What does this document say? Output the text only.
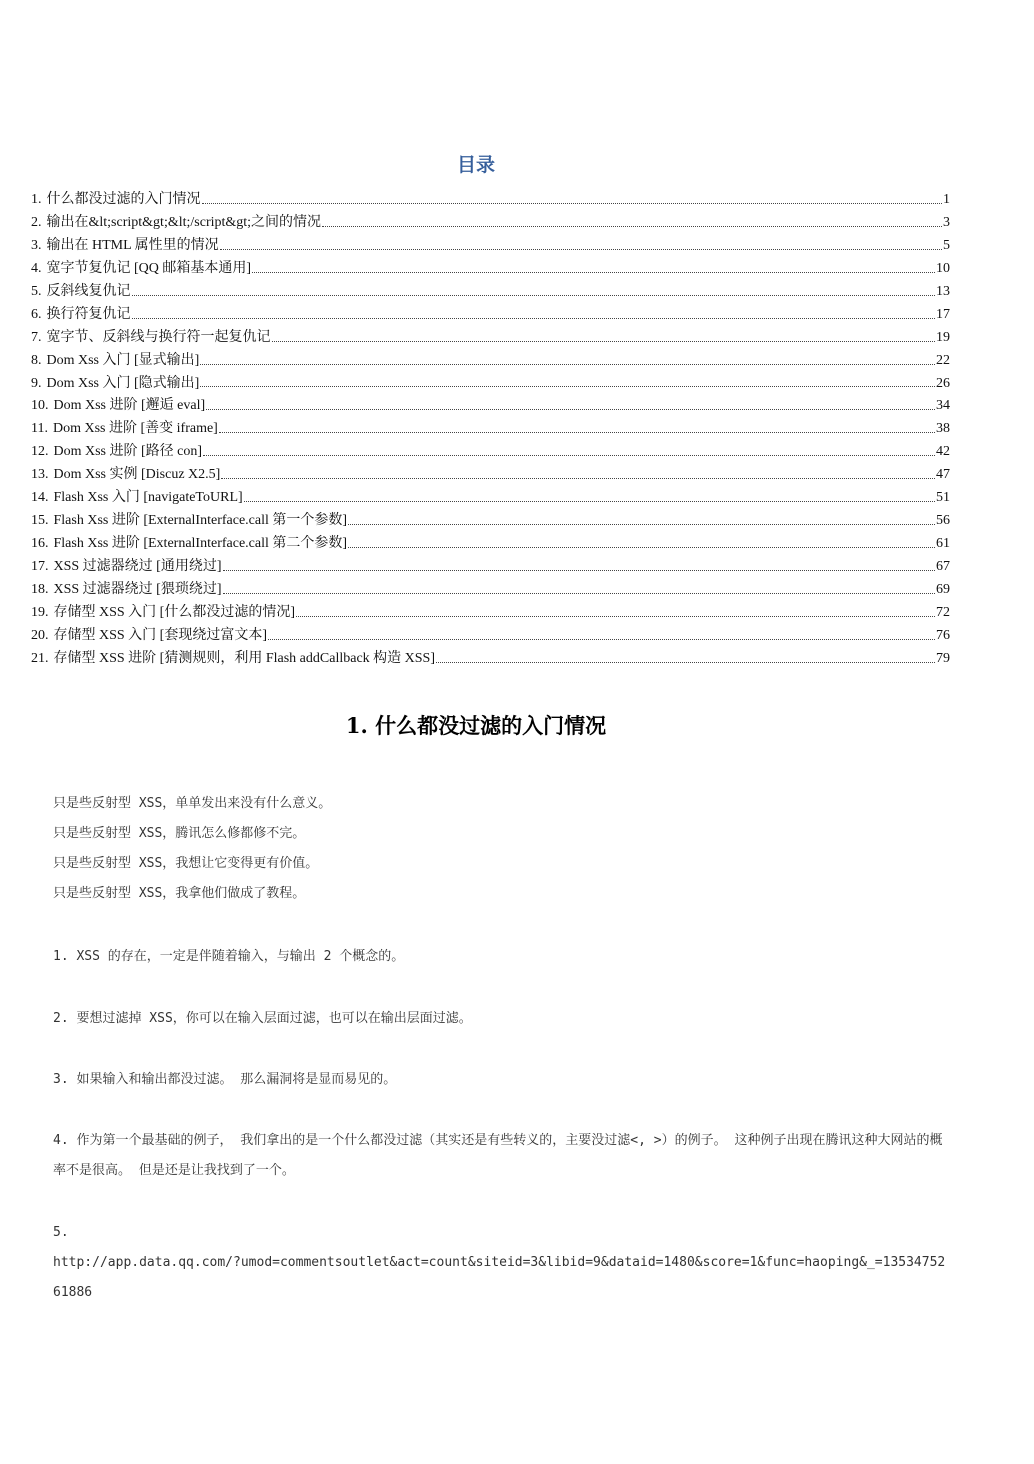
目录
1. 什么都没过滤的入门情况	1
2. 输出在&lt;script&gt;&lt;/script&gt;之间的情况	3
3. 输出在 HTML 属性里的情况	5
4. 宽字节复仇记 [QQ 邮箱基本通用]	10
5. 反斜线复仇记	13
6. 换行符复仇记	17
7. 宽字节、反斜线与换行符一起复仇记	19
8. Dom Xss 入门 [显式输出]	22
9. Dom Xss 入门 [隐式输出]	26
10. Dom Xss 进阶 [邂逅 eval]	34
11. Dom Xss 进阶 [善变 iframe]	38
12. Dom Xss 进阶 [路径 con]	42
13. Dom Xss 实例 [Discuz X2.5]	47
14. Flash Xss 入门 [navigateToURL]	51
15. Flash Xss 进阶 [ExternalInterface.call 第一个参数]	56
16. Flash Xss 进阶 [ExternalInterface.call 第二个参数]	61
17. XSS 过滤器绕过 [通用绕过]	67
18. XSS 过滤器绕过 [猥琐绕过]	69
19. 存储型 XSS 入门 [什么都没过滤的情况]	72
20. 存储型 XSS 入门 [套现绕过富文本]	76
21. 存储型 XSS 进阶 [猜测规则，利用 Flash addCallback 构造 XSS]	79
1. 什么都没过滤的入门情况

只是些反射型 XSS，单单发出来没有什么意义。

只是些反射型 XSS，腾讯怎么修都修不完。

只是些反射型 XSS，我想让它变得更有价值。

只是些反射型 XSS，我拿他们做成了教程。

1. XSS 的存在，一定是伴随着输入，与输出 2 个概念的。

2. 要想过滤掉 XSS，你可以在输入层面过滤，也可以在输出层面过滤。

3. 如果输入和输出都没过滤。 那么漏洞将是显而易见的。

4. 作为第一个最基础的例子， 我们拿出的是一个什么都没过滤（其实还是有些转义的，主要没过滤<, >）的例子。 这种例子出现在腾讯这种大网站的概率不是很高。 但是还是让我找到了一个。

5.
http://app.data.qq.com/?umod=commentsoutlet&act=count&siteid=3&libid=9&dataid=1480&score=1&func=haoping&_=1353475261886
